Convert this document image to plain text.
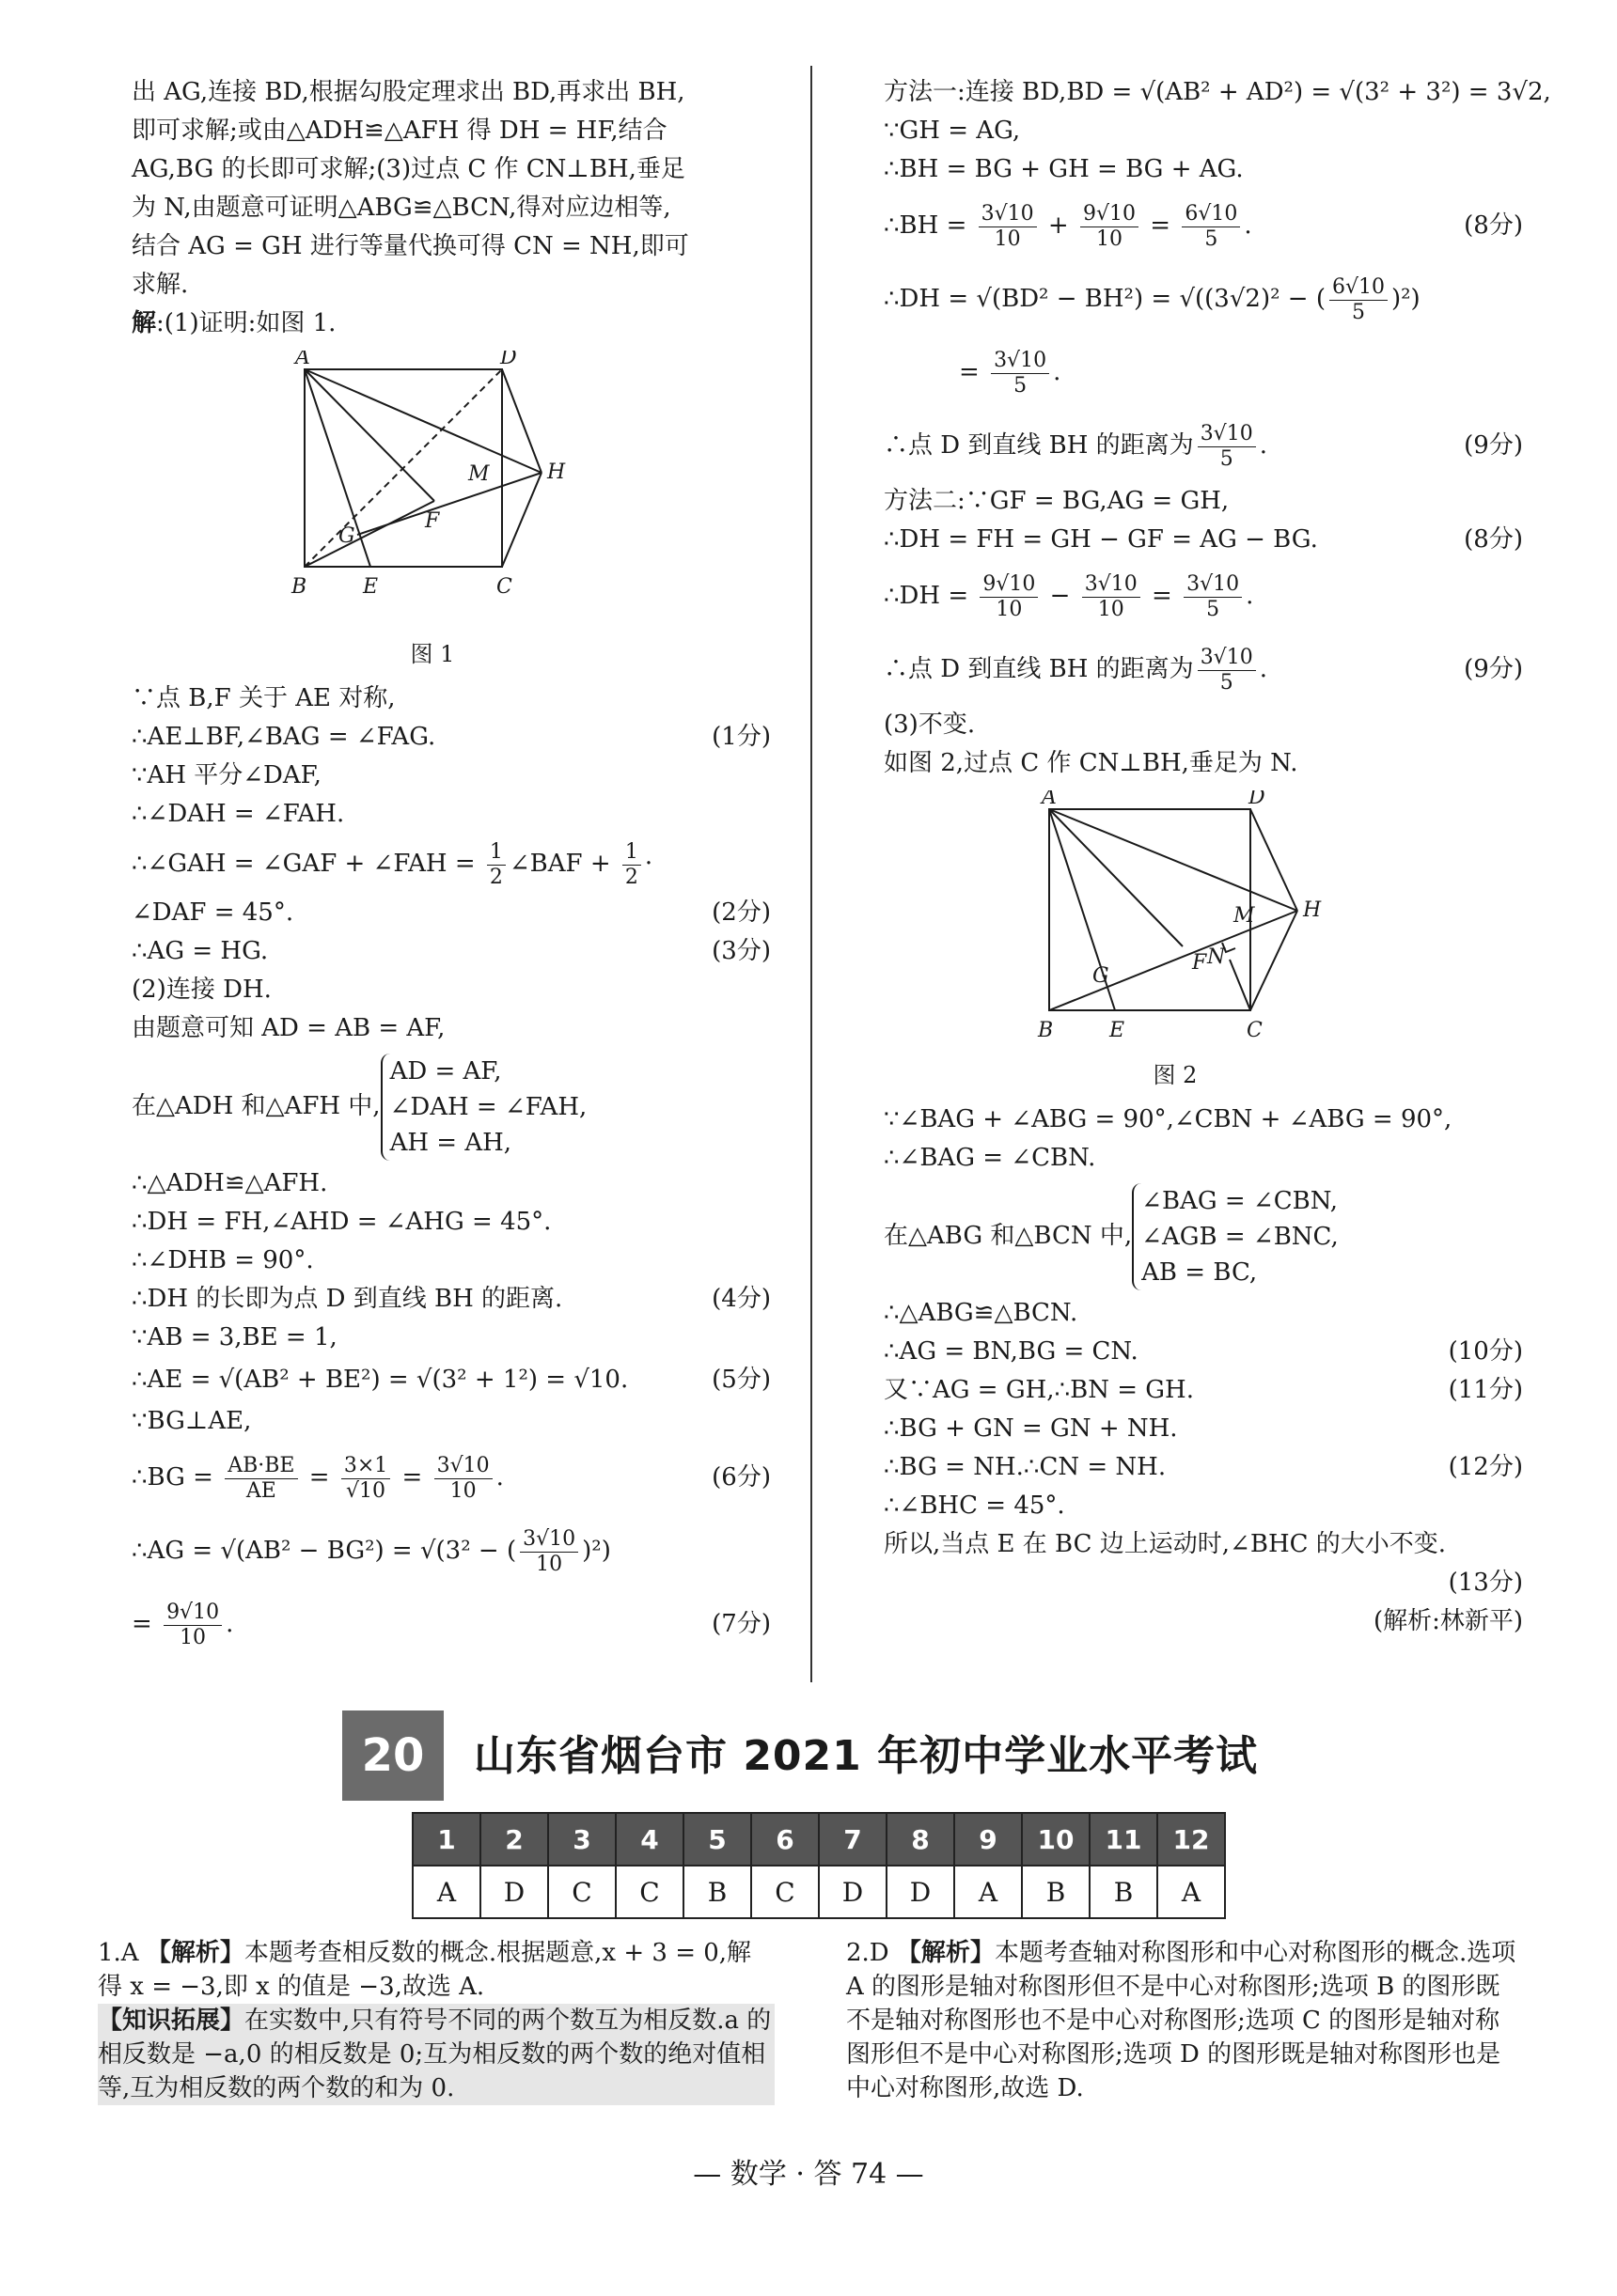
出 AG,连接 BD,根据勾股定理求出 BD,再求出 BH,
即可求解;或由△ADH≌△AFH 得 DH = HF,结合
AG,BG 的长即可求解;(3)过点 C 作 CN⊥BH,垂足
为 N,由题意可证明△ABG≌△BCN,得对应边相等,
结合 AG = GH 进行等量代换可得 CN = NH,即可
求解.
解:(1)证明:如图 1.
A	D
B	E	C
H
M
G
F
图 1
∵点 B,F 关于 AE 对称,
∴AE⊥BF,∠BAG = ∠FAG.	(1分)
∵AH 平分∠DAF,
∴∠DAH = ∠FAH.
∴∠GAH = ∠GAF + ∠FAH = $\frac{1}{2}$ ∠BAF + $\frac{1}{2}$ ·
∠DAF = 45°.	(2分)
∴AG = HG.	(3分)
(2)连接 DH.
由题意可知 AD = AB = AF,
在△ADH 和△AFH 中,
AD = AF,
∠DAH = ∠FAH,
AH = AH,
∴△ADH≌△AFH.
∴DH = FH,∠AHD = ∠AHG = 45°.
∴∠DHB = 90°.
∴DH 的长即为点 D 到直线 BH 的距离.	(4分)
∵AB = 3,BE = 1,
∴AE = √(AB² + BE²) = √(3² + 1²) = √10.	(5分)
∵BG⊥AE,
∴BG = $\frac{AB\cdot BE}{AE} = \frac{3\times 1}{√10} = \frac{3√10}{10}$ .	(6分)
∴AG = √(AB² − BG²) = √(3² − ( $\frac{3√10}{10} )^2$)
= $\frac{9√10}{10}$ .	(7分)
方法一:连接 BD,BD = √(AB² + AD²) = √(3² + 3²) = 3√2,
∵GH = AG,
∴BH = BG + GH = BG + AG.
∴BH = $\frac{3√10}{10} + \frac{9√10}{10} = \frac{6√10}{5}$ .	(8分)
∴DH = √(BD² − BH²) = √((3√2)² − ( $\frac{6√10}{5} )^2$)
= $\frac{3√10}{5}$ .
∴点 D 到直线 BH 的距离为 $\frac{3√10}{5}$ .	(9分)
方法二:∵GF = BG,AG = GH,
∴DH = FH = GH − GF = AG − BG.	(8分)
∴DH = $\frac{9√10}{10} - \frac{3√10}{10} = \frac{3√10}{5}$ .
∴点 D 到直线 BH 的距离为 $\frac{3√10}{5}$ .	(9分)
(3)不变.
如图 2,过点 C 作 CN⊥BH,垂足为 N.
A	D
B	E	C
H
M
G
F N
图 2
∵∠BAG + ∠ABG = 90°,∠CBN + ∠ABG = 90°,
∴∠BAG = ∠CBN.
在△ABG 和△BCN 中,
∠BAG = ∠CBN,
∠AGB = ∠BNC,
AB = BC,
∴△ABG≌△BCN.
∴AG = BN,BG = CN.	(10分)
又∵AG = GH,∴BN = GH.	(11分)
∴BG + GN = GN + NH.
∴BG = NH.∴CN = NH.	(12分)
∴∠BHC = 45°.
所以,当点 E 在 BC 边上运动时,∠BHC 的大小不变.
(13分)
(解析:林新平)
20	山东省烟台市 2021 年初中学业水平考试
1	2	3	4	5	6	7	8	9	10	11	12
A	D	C	C	B	C	D	D	A	B	B	A
1.A 【解析】本题考查相反数的概念.根据题意,x + 3 = 0,解得 x = −3,即 x 的值是 −3,故选 A.
【知识拓展】在实数中,只有符号不同的两个数互为相反数.a 的相反数是 −a,0 的相反数是 0;互为相反数的两个数的绝对值相等,互为相反数的两个数的和为 0.
2.D 【解析】本题考查轴对称图形和中心对称图形的概念.选项 A 的图形是轴对称图形但不是中心对称图形;选项 B 的图形既不是轴对称图形也不是中心对称图形;选项 C 的图形是轴对称图形但不是中心对称图形;选项 D 的图形既是轴对称图形也是中心对称图形,故选 D.
— 数学 · 答 74 —
